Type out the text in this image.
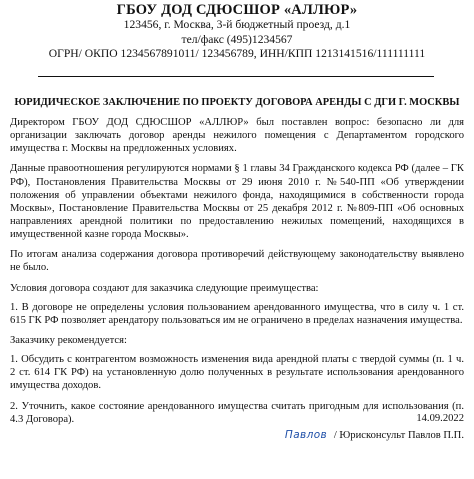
ГБОУ ДОД СДЮСШОР «АЛЛЮР»
123456, г. Москва, 3-й бюджетный проезд, д.1
тел/факс (495)1234567
ОГРН/ ОКПО 1234567891011/ 123456789, ИНН/КПП 1213141516/111111111
ЮРИДИЧЕСКОЕ ЗАКЛЮЧЕНИЕ ПО ПРОЕКТУ ДОГОВОРА АРЕНДЫ С ДГИ Г. МОСКВЫ

Директором ГБОУ ДОД СДЮСШОР «АЛЛЮР» был поставлен вопрос: безопасно ли для организации заключать договор аренды нежилого помещения с Департаментом городского имущества г. Москвы на предложенных условиях.

Данные правоотношения регулируются нормами § 1 главы 34 Гражданского кодекса РФ (далее – ГК РФ), Постановления Правительства Москвы от 29 июня 2010 г. №540-ПП «Об утверждении положения об управлении объектами нежилого фонда, находящимися в собственности города Москвы», Постановление Правительства Москвы от 25 декабря 2012 г. №809-ПП «Об основных направлениях арендной политики по предоставлению нежилых помещений, находящихся в имущественной казне города Москвы».

По итогам анализа содержания договора противоречий действующему законодательству выявлено не было.

Условия договора создают для заказчика следующие преимущества:

1. В договоре не определены условия пользованием арендованного имущества, что в силу ч. 1 ст. 615 ГК РФ позволяет арендатору пользоваться им не ограничено в пределах назначения имущества.

Заказчику рекомендуется:

1. Обсудить с контрагентом возможность изменения вида арендной платы с твердой суммы (п. 1 ч. 2 ст. 614 ГК РФ) на установленную долю полученных в результате использования арендованного имущества доходов.

2. Уточнить, какое состояние арендованного имущества считать пригодным для использования (п. 4.3 Договора).	14.09.2022
Павлов / Юрисконсульт Павлов П.П.
